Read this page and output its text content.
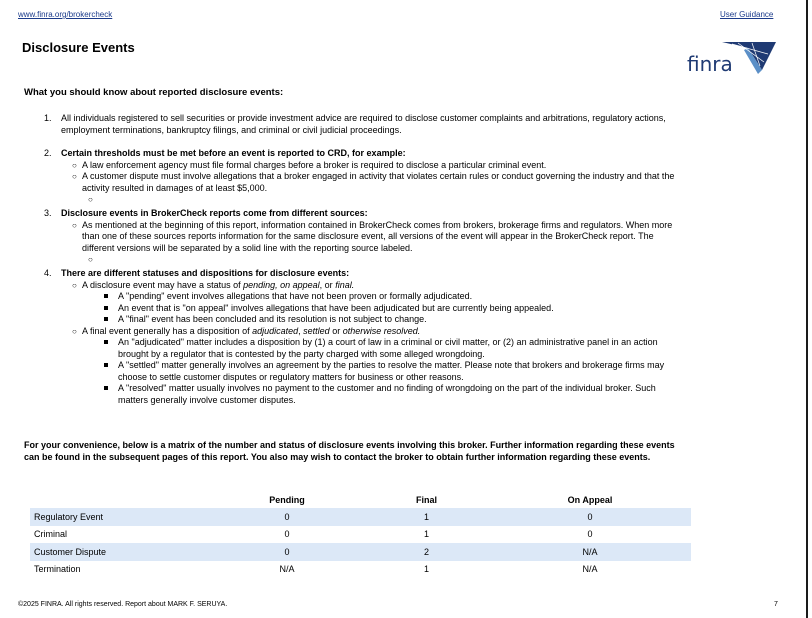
www.finra.org/brokercheck	User Guidance
Disclosure Events
finra
What you should know about reported disclosure events:
1. All individuals registered to sell securities or provide investment advice are required to disclose customer complaints and arbitrations, regulatory actions, employment terminations, bankruptcy filings, and criminal or civil judicial proceedings.
2. Certain thresholds must be met before an event is reported to CRD, for example:
○ A law enforcement agency must file formal charges before a broker is required to disclose a particular criminal event.
○ A customer dispute must involve allegations that a broker engaged in activity that violates certain rules or conduct governing the industry and that the activity resulted in damages of at least $5,000.
○
3. Disclosure events in BrokerCheck reports come from different sources:
○ As mentioned at the beginning of this report, information contained in BrokerCheck comes from brokers, brokerage firms and regulators. When more than one of these sources reports information for the same disclosure event, all versions of the event will appear in the BrokerCheck report. The different versions will be separated by a solid line with the reporting source labeled.
○
4. There are different statuses and dispositions for disclosure events:
○ A disclosure event may have a status of pending, on appeal, or final.
A "pending" event involves allegations that have not been proven or formally adjudicated.
An event that is "on appeal" involves allegations that have been adjudicated but are currently being appealed.
A "final" event has been concluded and its resolution is not subject to change.
○ A final event generally has a disposition of adjudicated, settled or otherwise resolved.
An "adjudicated" matter includes a disposition by (1) a court of law in a criminal or civil matter, or (2) an administrative panel in an action brought by a regulator that is contested by the party charged with some alleged wrongdoing.
A "settled" matter generally involves an agreement by the parties to resolve the matter. Please note that brokers and brokerage firms may choose to settle customer disputes or regulatory matters for business or other reasons.
A "resolved" matter usually involves no payment to the customer and no finding of wrongdoing on the part of the individual broker. Such matters generally involve customer disputes.
For your convenience, below is a matrix of the number and status of disclosure events involving this broker. Further information regarding these events can be found in the subsequent pages of this report. You also may wish to contact the broker to obtain further information regarding these events.
	Pending	Final	On Appeal
Regulatory Event	0	1	0
Criminal	0	1	0
Customer Dispute	0	2	N/A
Termination	N/A	1	N/A
©2025 FINRA. All rights reserved. Report about MARK F. SERUYA.	7
